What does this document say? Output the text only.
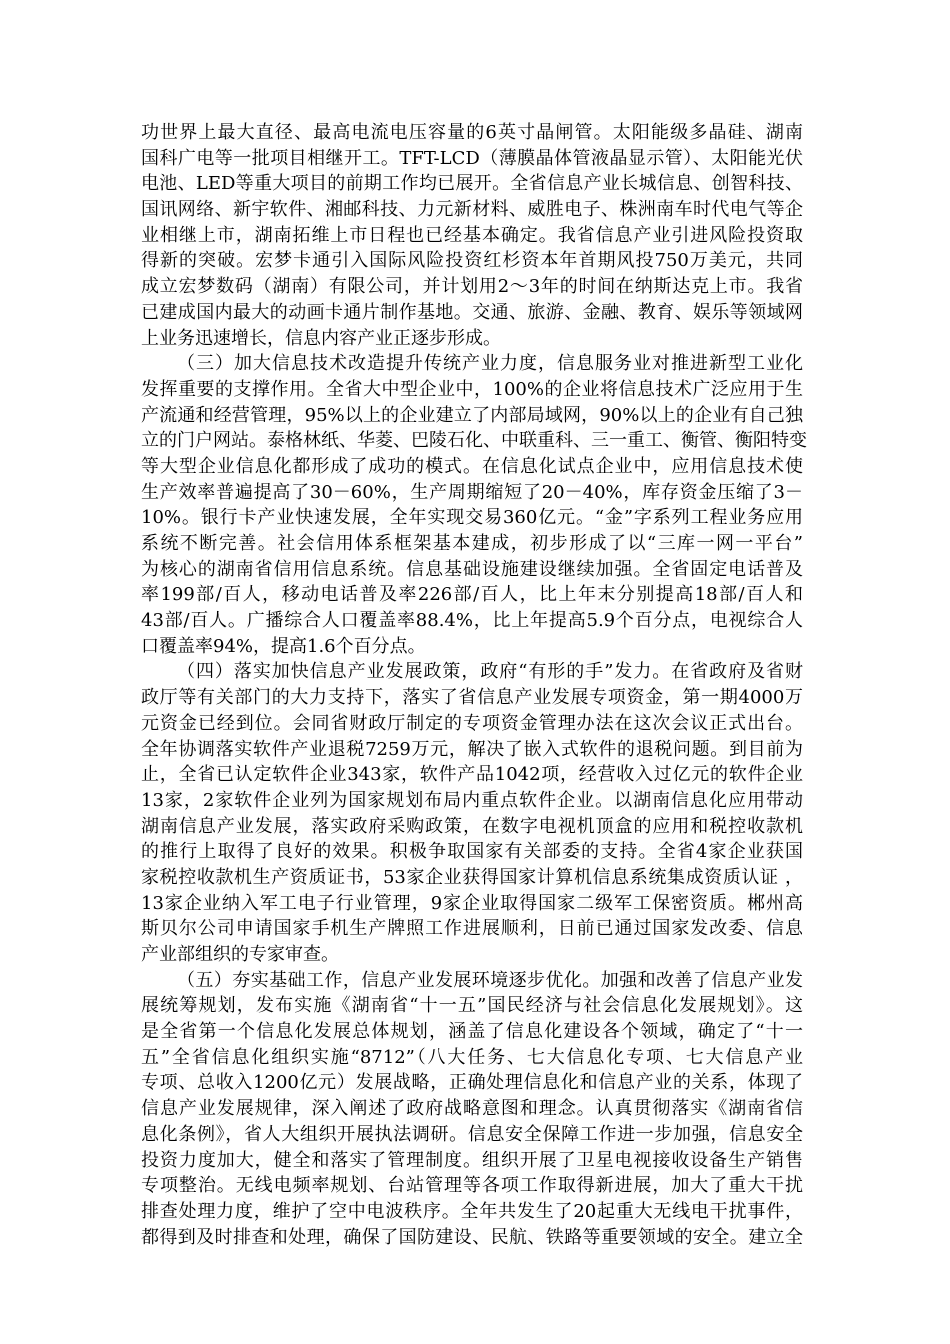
功世界上最大直径、最高电流电压容量的6英寸晶闸管。太阳能级多晶硅、湖南
国科广电等一批项目相继开工。TFT-LCD（薄膜晶体管液晶显示管）、太阳能光伏
电池、LED等重大项目的前期工作均已展开。全省信息产业长城信息、创智科技、
国讯网络、新宇软件、湘邮科技、力元新材料、威胜电子、株洲南车时代电气等企
业相继上市，湖南拓维上市日程也已经基本确定。我省信息产业引进风险投资取
得新的突破。宏梦卡通引入国际风险投资红杉资本年首期风投750万美元，共同
成立宏梦数码（湖南）有限公司，并计划用2～3年的时间在纳斯达克上市。我省
已建成国内最大的动画卡通片制作基地。交通、旅游、金融、教育、娱乐等领域网
上业务迅速增长，信息内容产业正逐步形成。
（三）加大信息技术改造提升传统产业力度，信息服务业对推进新型工业化
发挥重要的支撑作用。全省大中型企业中，100%的企业将信息技术广泛应用于生
产流通和经营管理，95%以上的企业建立了内部局域网，90%以上的企业有自己独
立的门户网站。泰格林纸、华菱、巴陵石化、中联重科、三一重工、衡管、衡阳特变
等大型企业信息化都形成了成功的模式。在信息化试点企业中，应用信息技术使
生产效率普遍提高了30－60%，生产周期缩短了20－40%，库存资金压缩了3－
10%。银行卡产业快速发展，全年实现交易360亿元。“金”字系列工程业务应用
系统不断完善。社会信用体系框架基本建成，初步形成了以“三库一网一平台”
为核心的湖南省信用信息系统。信息基础设施建设继续加强。全省固定电话普及
率199部/百人，移动电话普及率226部/百人，比上年末分别提高18部/百人和
43部/百人。广播综合人口覆盖率88.4%，比上年提高5.9个百分点，电视综合人
口覆盖率94%，提高1.6个百分点。
（四）落实加快信息产业发展政策，政府“有形的手”发力。在省政府及省财
政厅等有关部门的大力支持下，落实了省信息产业发展专项资金，第一期4000万
元资金已经到位。会同省财政厅制定的专项资金管理办法在这次会议正式出台。
全年协调落实软件产业退税7259万元，解决了嵌入式软件的退税问题。到目前为
止，全省已认定软件企业343家，软件产品1042项，经营收入过亿元的软件企业
13家，2家软件企业列为国家规划布局内重点软件企业。以湖南信息化应用带动
湖南信息产业发展，落实政府采购政策，在数字电视机顶盒的应用和税控收款机
的推行上取得了良好的效果。积极争取国家有关部委的支持。全省4家企业获国
家税控收款机生产资质证书，53家企业获得国家计算机信息系统集成资质认证 ，
13家企业纳入军工电子行业管理，9家企业取得国家二级军工保密资质。郴州高
斯贝尔公司申请国家手机生产牌照工作进展顺利，日前已通过国家发改委、信息
产业部组织的专家审查。
（五）夯实基础工作，信息产业发展环境逐步优化。加强和改善了信息产业发
展统筹规划，发布实施《湖南省“十一五”国民经济与社会信息化发展规划》。这
是全省第一个信息化发展总体规划，涵盖了信息化建设各个领域，确定了“十一
五”全省信息化组织实施“8712”（八大任务、七大信息化专项、七大信息产业
专项、总收入1200亿元）发展战略，正确处理信息化和信息产业的关系，体现了
信息产业发展规律，深入阐述了政府战略意图和理念。认真贯彻落实《湖南省信
息化条例》，省人大组织开展执法调研。信息安全保障工作进一步加强，信息安全
投资力度加大，健全和落实了管理制度。组织开展了卫星电视接收设备生产销售
专项整治。无线电频率规划、台站管理等各项工作取得新进展，加大了重大干扰
排查处理力度，维护了空中电波秩序。全年共发生了20起重大无线电干扰事件，
都得到及时排查和处理，确保了国防建设、民航、铁路等重要领域的安全。建立全
